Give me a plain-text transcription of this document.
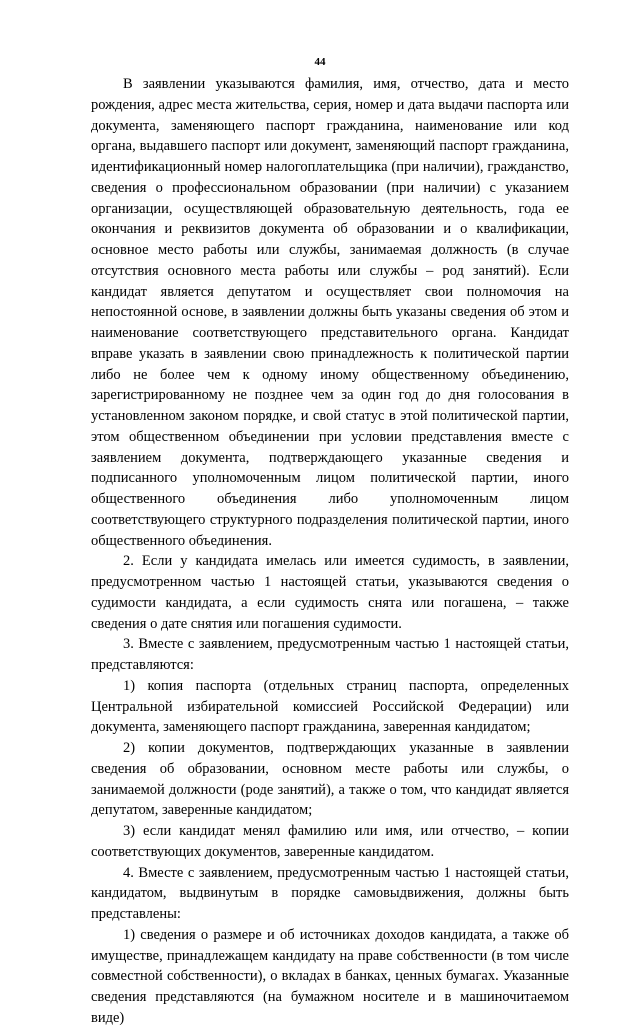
44

В заявлении указываются фамилия, имя, отчество, дата и место рождения, адрес места жительства, серия, номер и дата выдачи паспорта или документа, заменяющего паспорт гражданина, наименование или код органа, выдавшего паспорт или документ, заменяющий паспорт гражданина, идентификационный номер налогоплательщика (при наличии), гражданство, сведения о профессиональном образовании (при наличии) с указанием организации, осуществляющей образовательную деятельность, года ее окончания и реквизитов документа об образовании и о квалификации, основное место работы или службы, занимаемая должность (в случае отсутствия основного места работы или службы – род занятий). Если кандидат является депутатом и осуществляет свои полномочия на непостоянной основе, в заявлении должны быть указаны сведения об этом и наименование соответствующего представительного органа. Кандидат вправе указать в заявлении свою принадлежность к политической партии либо не более чем к одному иному общественному объединению, зарегистрированному не позднее чем за один год до дня голосования в установленном законом порядке, и свой статус в этой политической партии, этом общественном объединении при условии представления вместе с заявлением документа, подтверждающего указанные сведения и подписанного уполномоченным лицом политической партии, иного общественного объединения либо уполномоченным лицом соответствующего структурного подразделения политической партии, иного общественного объединения.

2. Если у кандидата имелась или имеется судимость, в заявлении, предусмотренном частью 1 настоящей статьи, указываются сведения о судимости кандидата, а если судимость снята или погашена, – также сведения о дате снятия или погашения судимости.

3. Вместе с заявлением, предусмотренным частью 1 настоящей статьи, представляются:

1) копия паспорта (отдельных страниц паспорта, определенных Центральной избирательной комиссией Российской Федерации) или документа, заменяющего паспорт гражданина, заверенная кандидатом;

2) копии документов, подтверждающих указанные в заявлении сведения об образовании, основном месте работы или службы, о занимаемой должности (роде занятий), а также о том, что кандидат является депутатом, заверенные кандидатом;

3) если кандидат менял фамилию или имя, или отчество, – копии соответствующих документов, заверенные кандидатом.

4. Вместе с заявлением, предусмотренным частью 1 настоящей статьи, кандидатом, выдвинутым в порядке самовыдвижения, должны быть представлены:

1) сведения о размере и об источниках доходов кандидата, а также об имуществе, принадлежащем кандидату на праве собственности (в том числе совместной собственности), о вкладах в банках, ценных бумагах. Указанные сведения представляются (на бумажном носителе и в машиночитаемом виде)
